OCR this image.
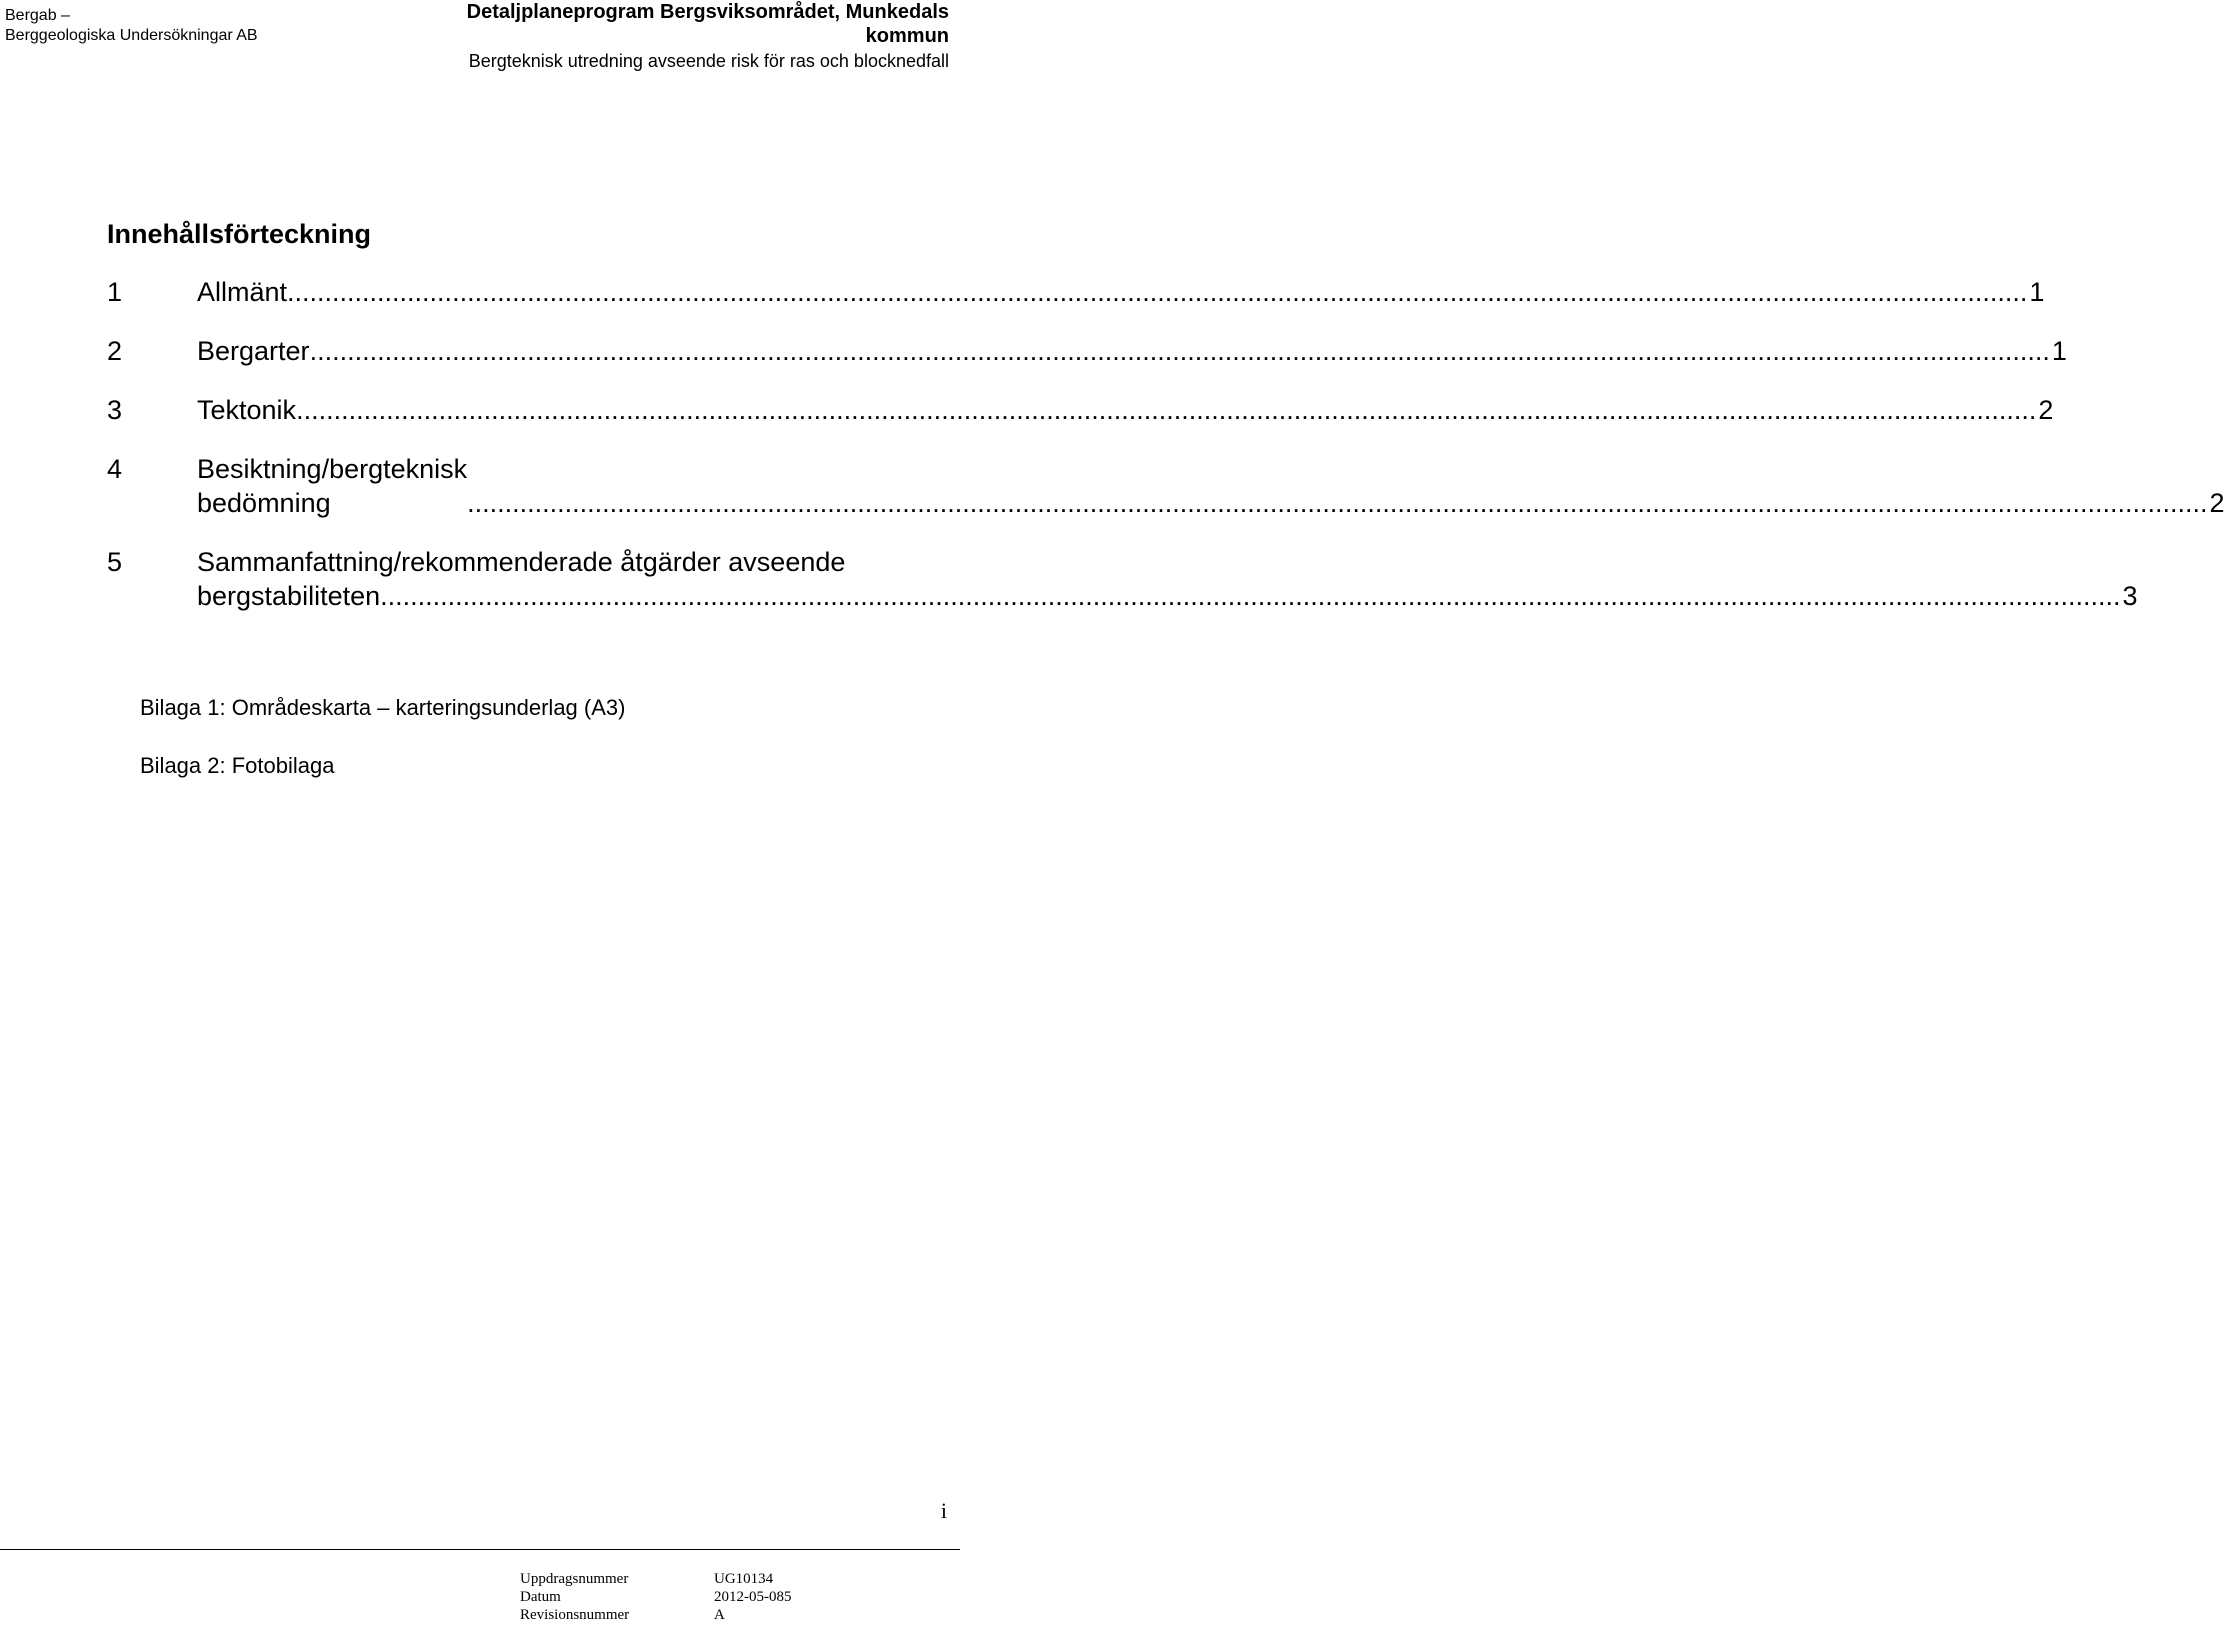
Bergab –
Berggeologiska Undersökningar AB
Detaljplaneprogram Bergsviksområdet, Munkedals
kommun
Bergteknisk utredning avseende risk för ras och blocknedfall
Innehållsförteckning
1	Allmänt .....	1
2	Bergarter .....	1
3	Tektonik .....	2
4	Besiktning/bergteknisk bedömning .....	2
5	Sammanfattning/rekommenderade åtgärder avseende
bergstabiliteten .....	3
Bilaga 1: Områdeskarta – karteringsunderlag (A3)
Bilaga 2: Fotobilaga
i
Uppdragsnummer	UG10134
Datum	2012-05-085
Revisionsnummer	A
